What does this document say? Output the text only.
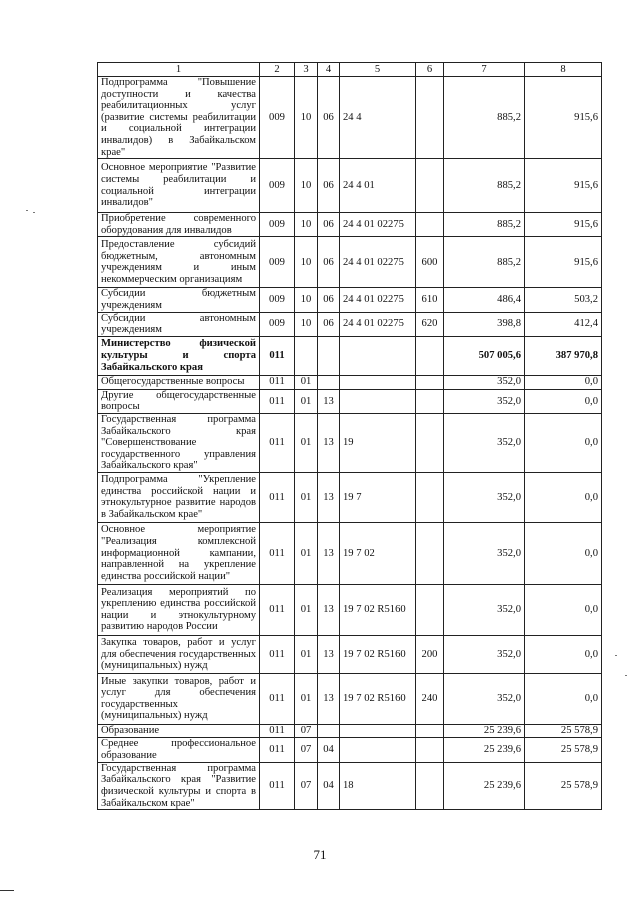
1	2	3	4	5	6	7	8
Подпрограмма "Повышение доступности и качества реабилитационных услуг (развитие системы реабилитации и социальной интеграции инвалидов) в Забайкальском крае"	009	10	06	24 4		885,2	915,6
Основное мероприятие "Развитие системы реабилитации и социальной интеграции инвалидов"	009	10	06	24 4 01		885,2	915,6
Приобретение современного оборудования для инвалидов	009	10	06	24 4 01 02275		885,2	915,6
Предоставление субсидий бюджетным, автономным учреждениям и иным некоммерческим организациям	009	10	06	24 4 01 02275	600	885,2	915,6
Субсидии бюджетным учреждениям	009	10	06	24 4 01 02275	610	486,4	503,2
Субсидии автономным учреждениям	009	10	06	24 4 01 02275	620	398,8	412,4
Министерство физической культуры и спорта Забайкальского края	011					507 005,6	387 970,8
Общегосударственные вопросы	011	01				352,0	0,0
Другие общегосударственные вопросы	011	01	13			352,0	0,0
Государственная программа Забайкальского края "Совершенствование государственного управления Забайкальского края"	011	01	13	19		352,0	0,0
Подпрограмма "Укрепление единства российской нации и этнокультурное развитие народов в Забайкальском крае"	011	01	13	19 7		352,0	0,0
Основное мероприятие "Реализация комплексной информационной кампании, направленной на укрепление единства российской нации"	011	01	13	19 7 02		352,0	0,0
Реализация мероприятий по укреплению единства российской нации и этнокультурному развитию народов России	011	01	13	19 7 02 R5160		352,0	0,0
Закупка товаров, работ и услуг для обеспечения государственных (муниципальных) нужд	011	01	13	19 7 02 R5160	200	352,0	0,0
Иные закупки товаров, работ и услуг для обеспечения государственных (муниципальных) нужд	011	01	13	19 7 02 R5160	240	352,0	0,0
Образование	011	07				25 239,6	25 578,9
Среднее профессиональное образование	011	07	04			25 239,6	25 578,9
Государственная программа Забайкальского края "Развитие физической культуры и спорта в Забайкальском крае"	011	07	04	18		25 239,6	25 578,9
71
